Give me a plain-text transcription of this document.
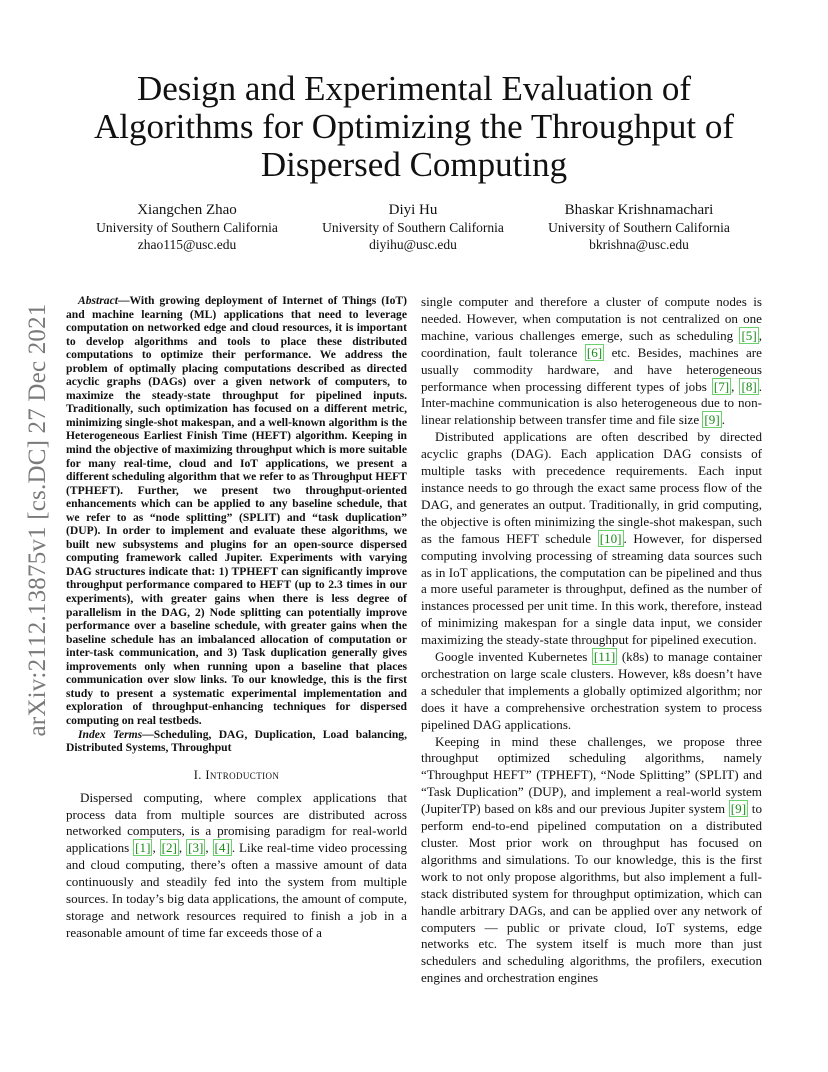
arXiv:2112.13875v1 [cs.DC] 27 Dec 2021
Design and Experimental Evaluation of Algorithms for Optimizing the Throughput of Dispersed Computing
Xiangchen Zhao
University of Southern California
zhao115@usc.edu
Diyi Hu
University of Southern California
diyihu@usc.edu
Bhaskar Krishnamachari
University of Southern California
bkrishna@usc.edu

Abstract—With growing deployment of Internet of Things (IoT) and machine learning (ML) applications that need to leverage computation on networked edge and cloud resources, it is important to develop algorithms and tools to place these distributed computations to optimize their performance. We address the problem of optimally placing computations described as directed acyclic graphs (DAGs) over a given network of computers, to maximize the steady-state throughput for pipelined inputs. Traditionally, such optimization has focused on a different metric, minimizing single-shot makespan, and a well-known algorithm is the Heterogeneous Earliest Finish Time (HEFT) algorithm. Keeping in mind the objective of maximizing throughput which is more suitable for many real-time, cloud and IoT applications, we present a different scheduling algorithm that we refer to as Throughput HEFT (TPHEFT). Further, we present two throughput-oriented enhancements which can be applied to any baseline schedule, that we refer to as “node splitting” (SPLIT) and “task duplication” (DUP). In order to implement and evaluate these algorithms, we built new subsystems and plugins for an open-source dispersed computing framework called Jupiter. Experiments with varying DAG structures indicate that: 1) TPHEFT can significantly improve throughput performance compared to HEFT (up to 2.3 times in our experiments), with greater gains when there is less degree of parallelism in the DAG, 2) Node splitting can potentially improve performance over a baseline schedule, with greater gains when the baseline schedule has an imbalanced allocation of computation or inter-task communication, and 3) Task duplication generally gives improvements only when running upon a baseline that places communication over slow links. To our knowledge, this is the first study to present a systematic experimental implementation and exploration of throughput-enhancing techniques for dispersed computing on real testbeds.

Index Terms—Scheduling, DAG, Duplication, Load balancing, Distributed Systems, Throughput

I. Introduction

Dispersed computing, where complex applications that process data from multiple sources are distributed across networked computers, is a promising paradigm for real-world applications [1] , [2] , [3] , [4] . Like real-time video processing and cloud computing, there’s often a massive amount of data continuously and steadily fed into the system from multiple sources. In today’s big data applications, the amount of compute, storage and network resources required to finish a job in a reasonable amount of time far exceeds those of a

single computer and therefore a cluster of compute nodes is needed. However, when computation is not centralized on one machine, various challenges emerge, such as scheduling [5] , coordination, fault tolerance [6] etc. Besides, machines are usually commodity hardware, and have heterogeneous performance when processing different types of jobs [7] , [8] . Inter-machine communication is also heterogeneous due to non-linear relationship between transfer time and file size [9] .

Distributed applications are often described by directed acyclic graphs (DAG). Each application DAG consists of multiple tasks with precedence requirements. Each input instance needs to go through the exact same process flow of the DAG, and generates an output. Traditionally, in grid computing, the objective is often minimizing the single-shot makespan, such as the famous HEFT schedule [10] . However, for dispersed computing involving processing of streaming data sources such as in IoT applications, the computation can be pipelined and thus a more useful parameter is throughput, defined as the number of instances processed per unit time. In this work, therefore, instead of minimizing makespan for a single data input, we consider maximizing the steady-state throughput for pipelined execution.

Google invented Kubernetes [11] (k8s) to manage container orchestration on large scale clusters. However, k8s doesn’t have a scheduler that implements a globally optimized algorithm; nor does it have a comprehensive orchestration system to process pipelined DAG applications.

Keeping in mind these challenges, we propose three throughput optimized scheduling algorithms, namely “Throughput HEFT” (TPHEFT), “Node Splitting” (SPLIT) and “Task Duplication” (DUP), and implement a real-world system (JupiterTP) based on k8s and our previous Jupiter system [9] to perform end-to-end pipelined computation on a distributed cluster. Most prior work on throughput has focused on algorithms and simulations. To our knowledge, this is the first work to not only propose algorithms, but also implement a full-stack distributed system for throughput optimization, which can handle arbitrary DAGs, and can be applied over any network of computers — public or private cloud, IoT systems, edge networks etc. The system itself is much more than just schedulers and scheduling algorithms, the profilers, execution engines and orchestration engines
